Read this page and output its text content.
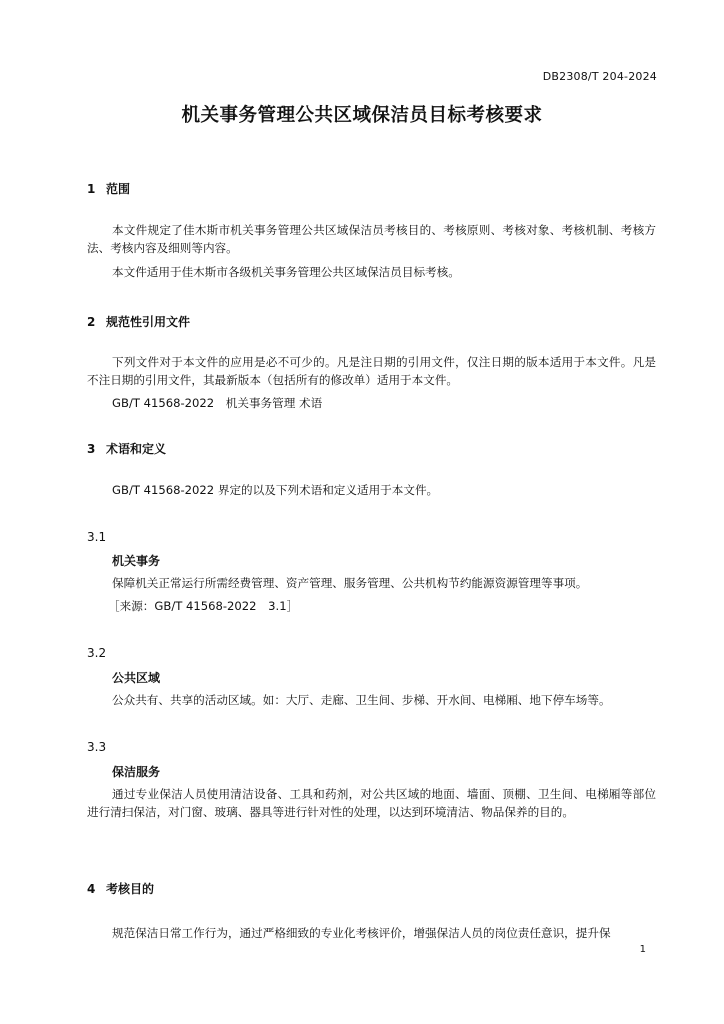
DB2308/T 204-2024
机关事务管理公共区域保洁员目标考核要求
1 范围
本文件规定了佳木斯市机关事务管理公共区域保洁员考核目的、考核原则、考核对象、考核机制、考核方法、考核内容及细则等内容。
本文件适用于佳木斯市各级机关事务管理公共区域保洁员目标考核。
2 规范性引用文件
下列文件对于本文件的应用是必不可少的。凡是注日期的引用文件，仅注日期的版本适用于本文件。凡是不注日期的引用文件，其最新版本（包括所有的修改单）适用于本文件。
GB/T 41568-2022　机关事务管理 术语
3 术语和定义
GB/T 41568-2022 界定的以及下列术语和定义适用于本文件。
3.1
机关事务
保障机关正常运行所需经费管理、资产管理、服务管理、公共机构节约能源资源管理等事项。
［来源：GB/T 41568-2022　3.1］
3.2
公共区域
公众共有、共享的活动区域。如：大厅、走廊、卫生间、步梯、开水间、电梯厢、地下停车场等。
3.3
保洁服务
通过专业保洁人员使用清洁设备、工具和药剂，对公共区域的地面、墙面、顶棚、卫生间、电梯厢等部位进行清扫保洁，对门窗、玻璃、器具等进行针对性的处理，以达到环境清洁、物品保养的目的。
4 考核目的
规范保洁日常工作行为，通过严格细致的专业化考核评价，增强保洁人员的岗位责任意识，提升保
1
